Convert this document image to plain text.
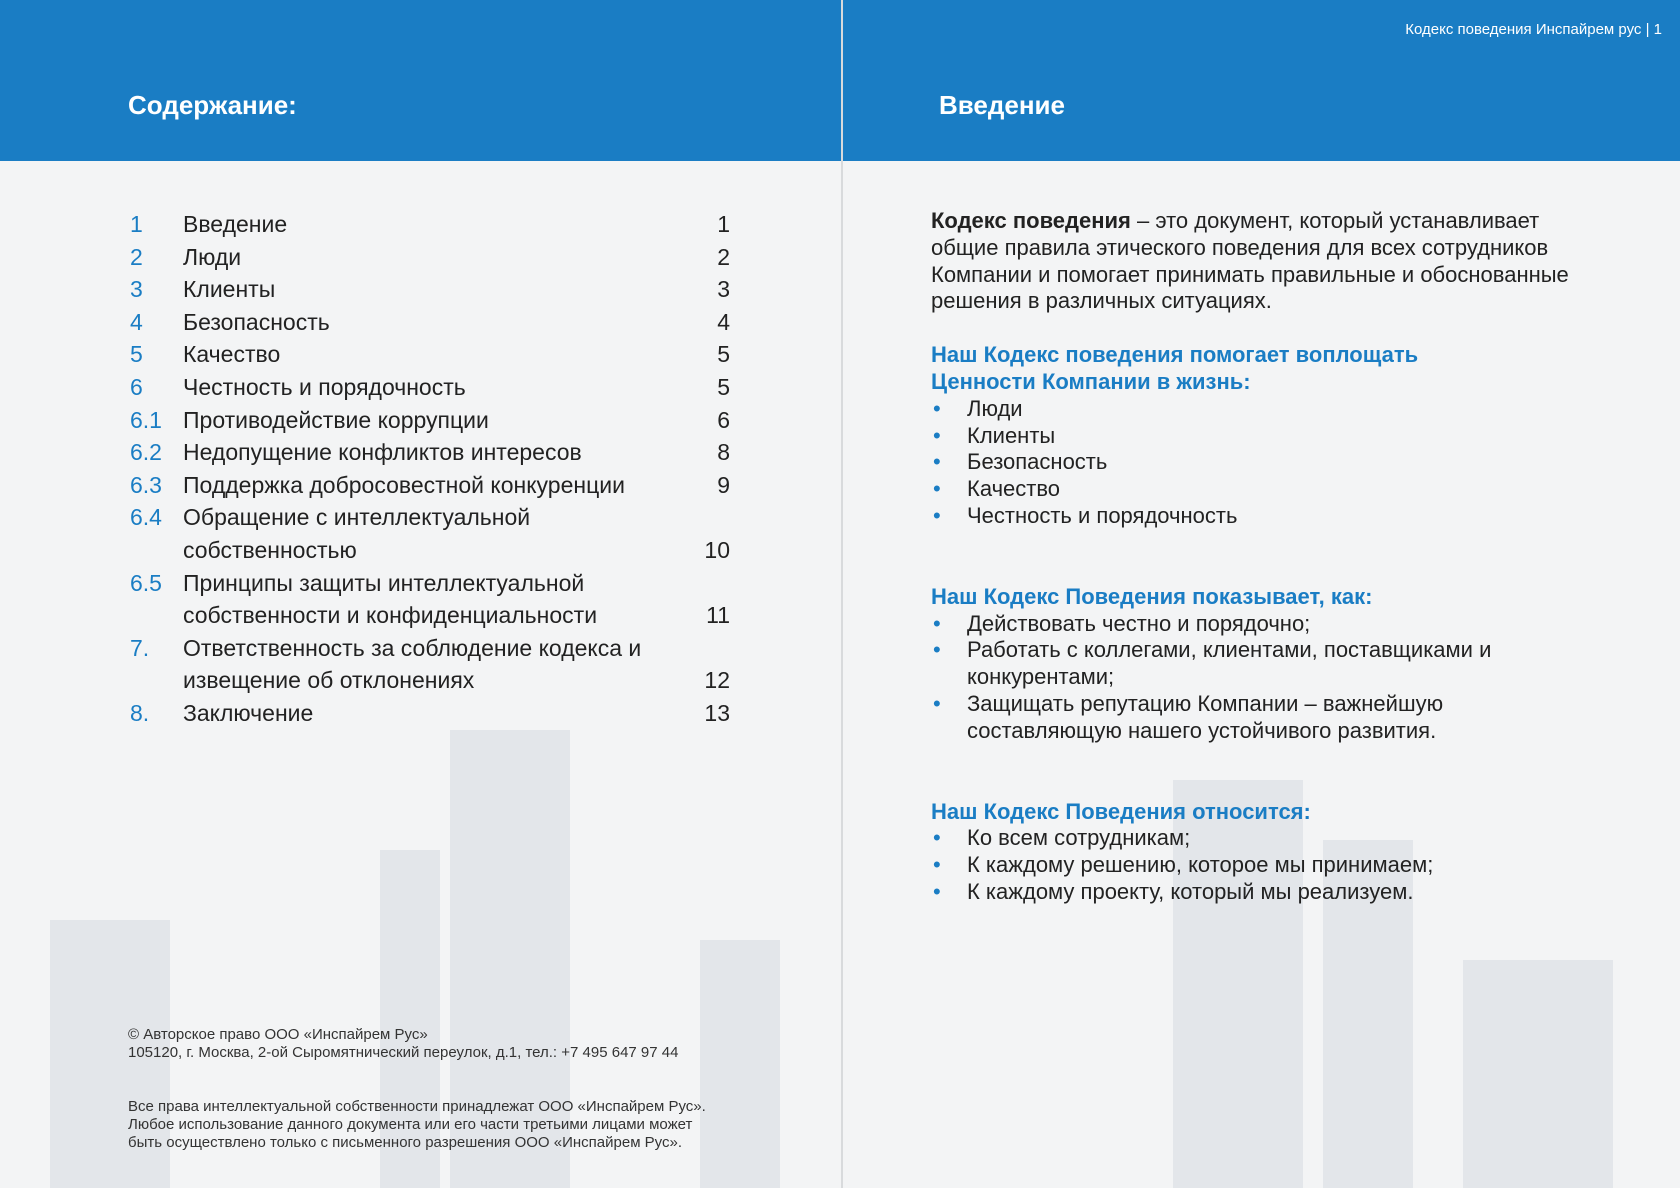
Содержание:
1	Введение	1
2	Люди	2
3	Клиенты	3
4	Безопасность	4
5	Качество	5
6	Честность и порядочность	5
6.1 Противодействие коррупции	6
6.2 Недопущение конфликтов интересов	8
6.3 Поддержка добросовестной конкуренции	9
6.4 Обращение с интеллектуальной собственностью	10
6.5 Принципы защиты интеллектуальной собственности и конфиденциальности	11
7.	Ответственность за соблюдение кодекса и извещение об отклонениях	12
8.	Заключение	13
© Авторское право ООО «Инспайрем Рус»
105120, г. Москва, 2-ой Сыромятнический переулок, д.1, тел.: +7 495 647 97 44
Все права интеллектуальной собственности принадлежат ООО «Инспайрем Рус».
Любое использование данного документа или его части третьими лицами может
быть осуществлено только с письменного разрешения ООО «Инспайрем Рус».
Кодекс поведения Инспайрем рус | 1
Введение

Кодекс поведения – это документ, который устанавливает общие правила этического поведения для всех сотрудников Компании и помогает принимать правильные и обоснованные решения в различных ситуациях.

Наш Кодекс поведения помогает воплощать Ценности Компании в жизнь:

• Люди
• Клиенты
• Безопасность
• Качество
• Честность и порядочность

Наш Кодекс Поведения показывает, как:

• Действовать честно и порядочно;
• Работать с коллегами, клиентами, поставщиками и конкурентами;
• Защищать репутацию Компании – важнейшую составляющую нашего устойчивого развития.

Наш Кодекс Поведения относится:

• Ко всем сотрудникам;
• К каждому решению, которое мы принимаем;
• К каждому проекту, который мы реализуем.
